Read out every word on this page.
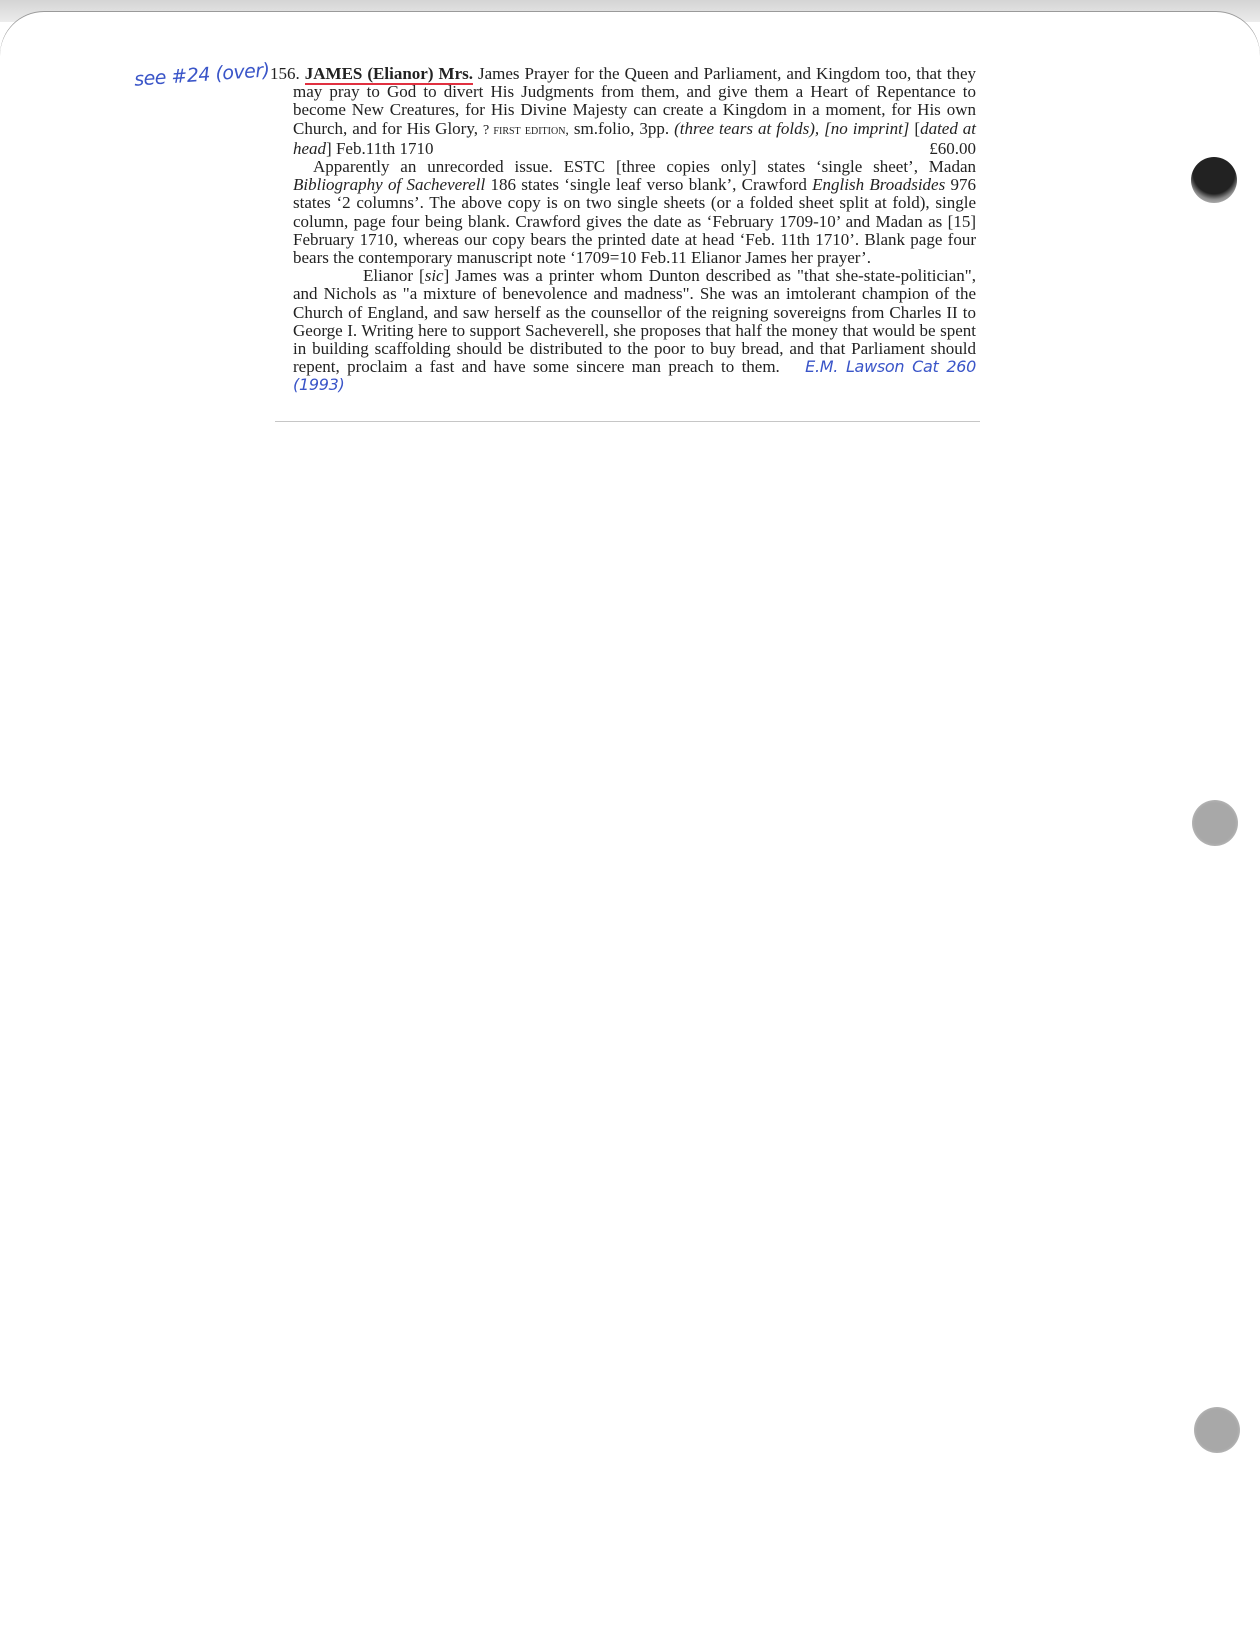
see #24 (over) 156. JAMES (Elianor) Mrs. James Prayer for the Queen and Parliament, and Kingdom too, that they may pray to God to divert His Judgments from them, and give them a Heart of Repentance to become New Creatures, for His Divine Majesty can create a Kingdom in a moment, for His own Church, and for His Glory, ? first edition, sm.folio, 3pp. (three tears at folds), [no imprint] [dated at head] Feb.11th 1710	£60.00

Apparently an unrecorded issue. ESTC [three copies only] states ‘single sheet’, Madan Bibliography of Sacheverell 186 states ‘single leaf verso blank’, Crawford English Broadsides 976 states ‘2 columns’. The above copy is on two single sheets (or a folded sheet split at fold), single column, page four being blank. Crawford gives the date as ‘February 1709-10’ and Madan as [15] February 1710, whereas our copy bears the printed date at head ‘Feb. 11th 1710’. Blank page four bears the contemporary manuscript note ‘1709=10 Feb.11 Elianor James her prayer’.

Elianor [sic] James was a printer whom Dunton described as "that she-state-politician", and Nichols as "a mixture of benevolence and madness". She was an imtolerant champion of the Church of England, and saw herself as the counsellor of the reigning sovereigns from Charles II to George I. Writing here to support Sacheverell, she proposes that half the money that would be spent in building scaffolding should be distributed to the poor to buy bread, and that Parliament should repent, proclaim a fast and have some sincere man preach to them. E.M. Lawson Cat 260 (1993)
